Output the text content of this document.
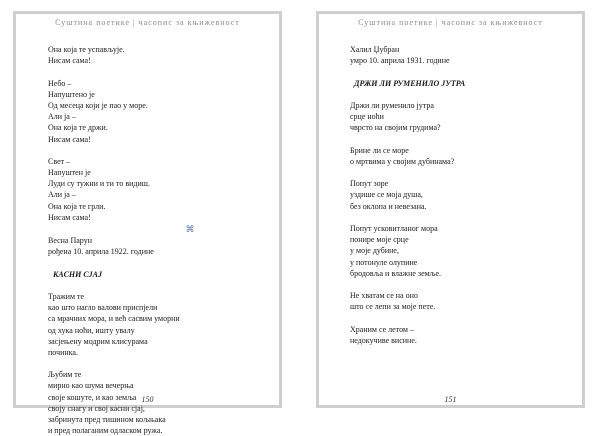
Суштина поетике | часопис за књижевност
Она која те успављује.
Нисам сама!
Небо –
Напуштено је
Од месеца који је пао у море.
Али ја –
Она која те држи.
Нисам сама!
Свет –
Напуштен је
Луди су тужни и ти то видиш.
Али ја –
Она која те грли.
Нисам сама!
⌘
Весна Парун
рођена 10. априла 1922. године
КАСНИ СЈАЈ
Тражим те
као што нагло валови приспјели
са мрачних мора, и већ сасвим уморни
од хука ноћи, иштy увалу
засјењену модрим клисурама
починка.
Љубим те
мирно као шума вечерња
своје кошуте, и као земља
своју снагу и свој касни сјај,
забринута пред тишином кољњака
и пред полаганим одласком ружа.
150
Суштина поетике | часопис за књижевност
Халил Џубран
умро 10. априла 1931. године
ДРЖИ ЛИ РУМЕНИЛО ЈУТРА
Држи ли руменило јутра
срце ноћи
чврсто на својим грудима?
Брине ли се море
о мртвима у својим дубинама?
Попут зоре
уздише се моја душа,
без оклопа и невезана.
Попут усковитланог мора
понире моје срце
у моје дубине,
у потонуле олупине
бродовља и влажне земље.
Не хватам се на оно
што се лепи за моје пете.
Храним се летом –
недокучиве висине.
151
